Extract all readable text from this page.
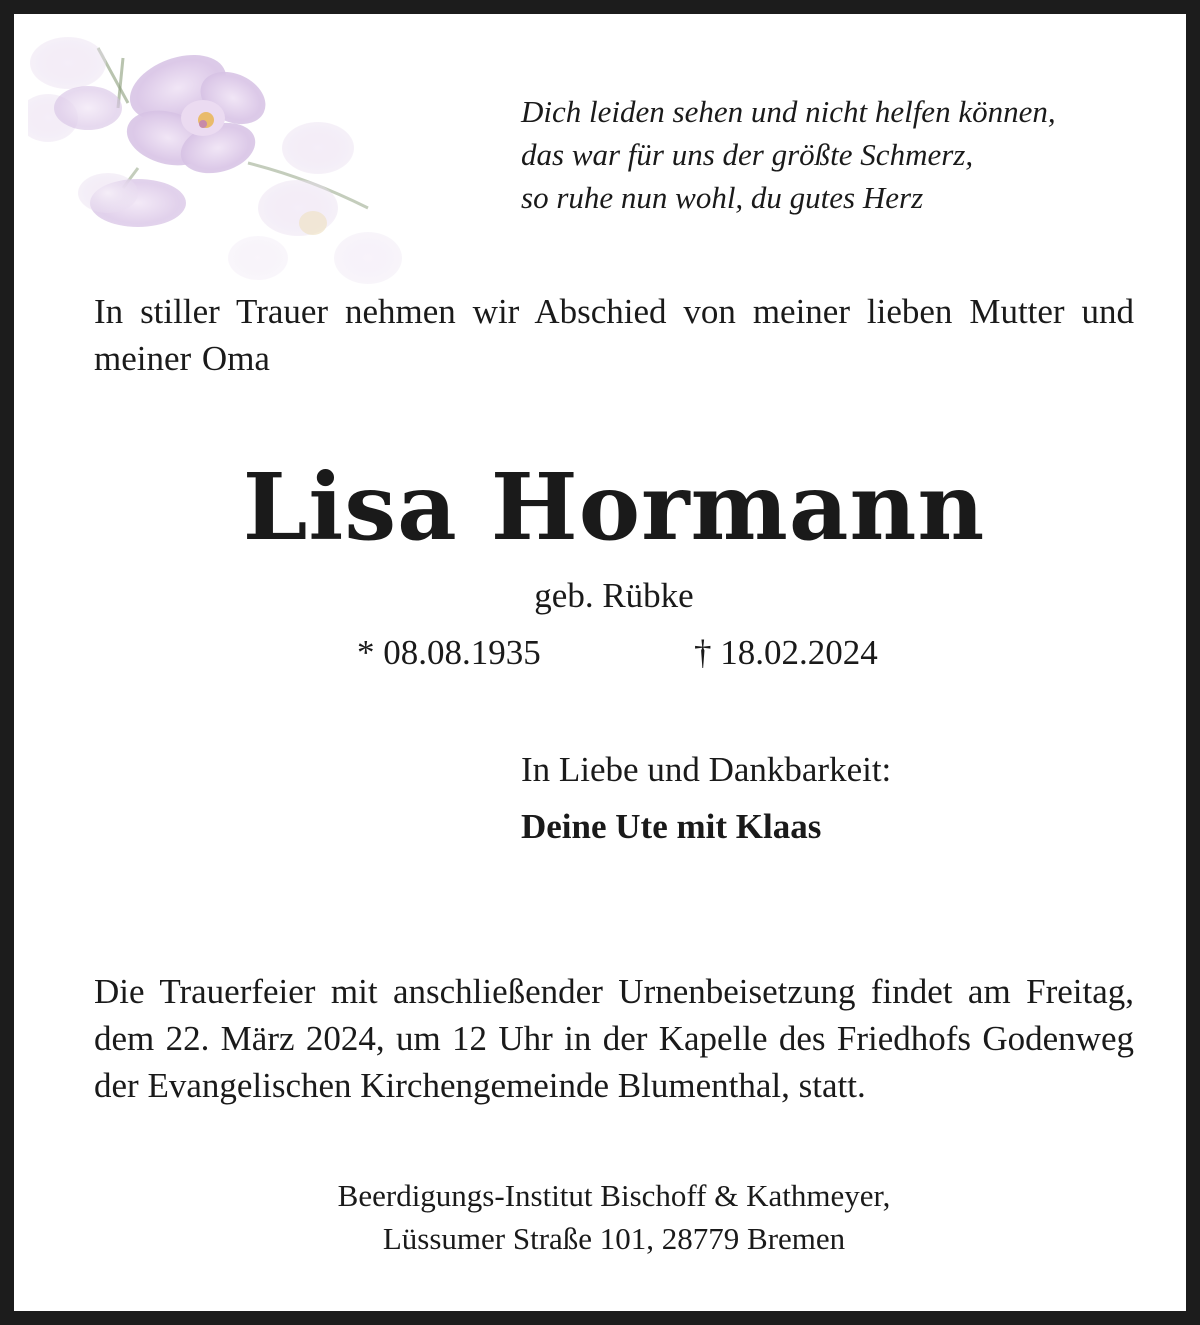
Dich leiden sehen und nicht helfen können,
das war für uns der größte Schmerz,
so ruhe nun wohl, du gutes Herz
In stiller Trauer nehmen wir Abschied von meiner lieben Mutter und meiner Oma
Lisa Hormann
geb. Rübke
* 08.08.1935	† 18.02.2024
In Liebe und Dankbarkeit:
Deine Ute mit Klaas
Die Trauerfeier mit anschließender Urnenbeisetzung findet am Freitag, dem 22. März 2024, um 12 Uhr in der Kapelle des Friedhofs Godenweg der Evangelischen Kirchengemeinde Blumenthal, statt.
Beerdigungs-Institut Bischoff & Kathmeyer,
Lüssumer Straße 101, 28779 Bremen
